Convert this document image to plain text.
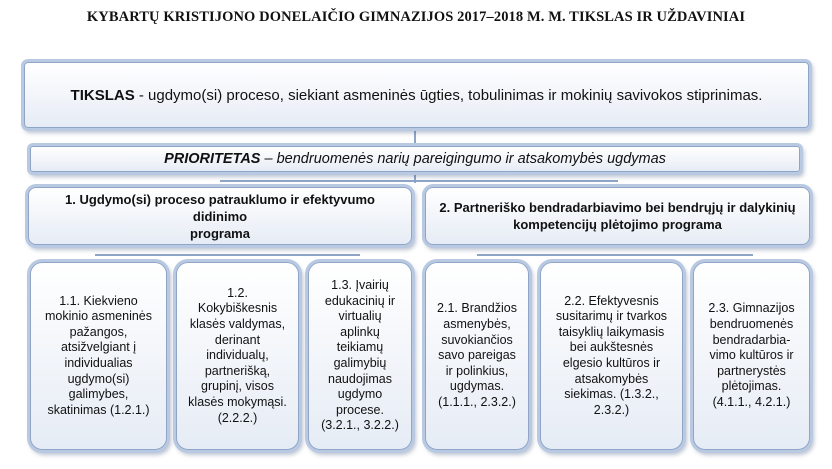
KYBARTŲ KRISTIJONO DONELAIČIO GIMNAZIJOS 2017–2018 M. M. TIKSLAS IR UŽDAVINIAI
TIKSLAS - ugdymo(si) proceso, siekiant asmeninės ūgties, tobulinimas ir mokinių savivokos stiprinimas.
PRIORITETAS – bendruomenės narių pareigingumo ir atsakomybės ugdymas
1. Ugdymo(si) proceso patrauklumo ir efektyvumo didinimo
programa
2. Partneriško bendradarbiavimo bei bendrųjų ir dalykinių
kompetencijų plėtojimo programa
1.1. Kiekvieno
mokinio asmeninės
pažangos,
atsižvelgiant į
individualias
ugdymo(si)
galimybes,
skatinimas (1.2.1.)
1.2.
Kokybiškesnis
klasės valdymas,
derinant
individualų,
partnerišką,
grupinį, visos
klasės mokymąsi.
(2.2.2.)
1.3. Įvairių
edukacinių ir
virtualių
aplinkų
teikiamų
galimybių
naudojimas
ugdymo
procese.
(3.2.1., 3.2.2.)
2.1. Brandžios
asmenybės,
suvokiančios
savo pareigas
ir polinkius,
ugdymas.
(1.1.1., 2.3.2.)
2.2. Efektyvesnis
susitarimų ir tvarkos
taisyklių laikymasis
bei aukštesnės
elgesio kultūros ir
atsakomybės
siekimas. (1.3.2.,
2.3.2.)
2.3. Gimnazijos
bendruomenės
bendradarbia-
vimo kultūros ir
partnerystės
plėtojimas.
(4.1.1., 4.2.1.)
